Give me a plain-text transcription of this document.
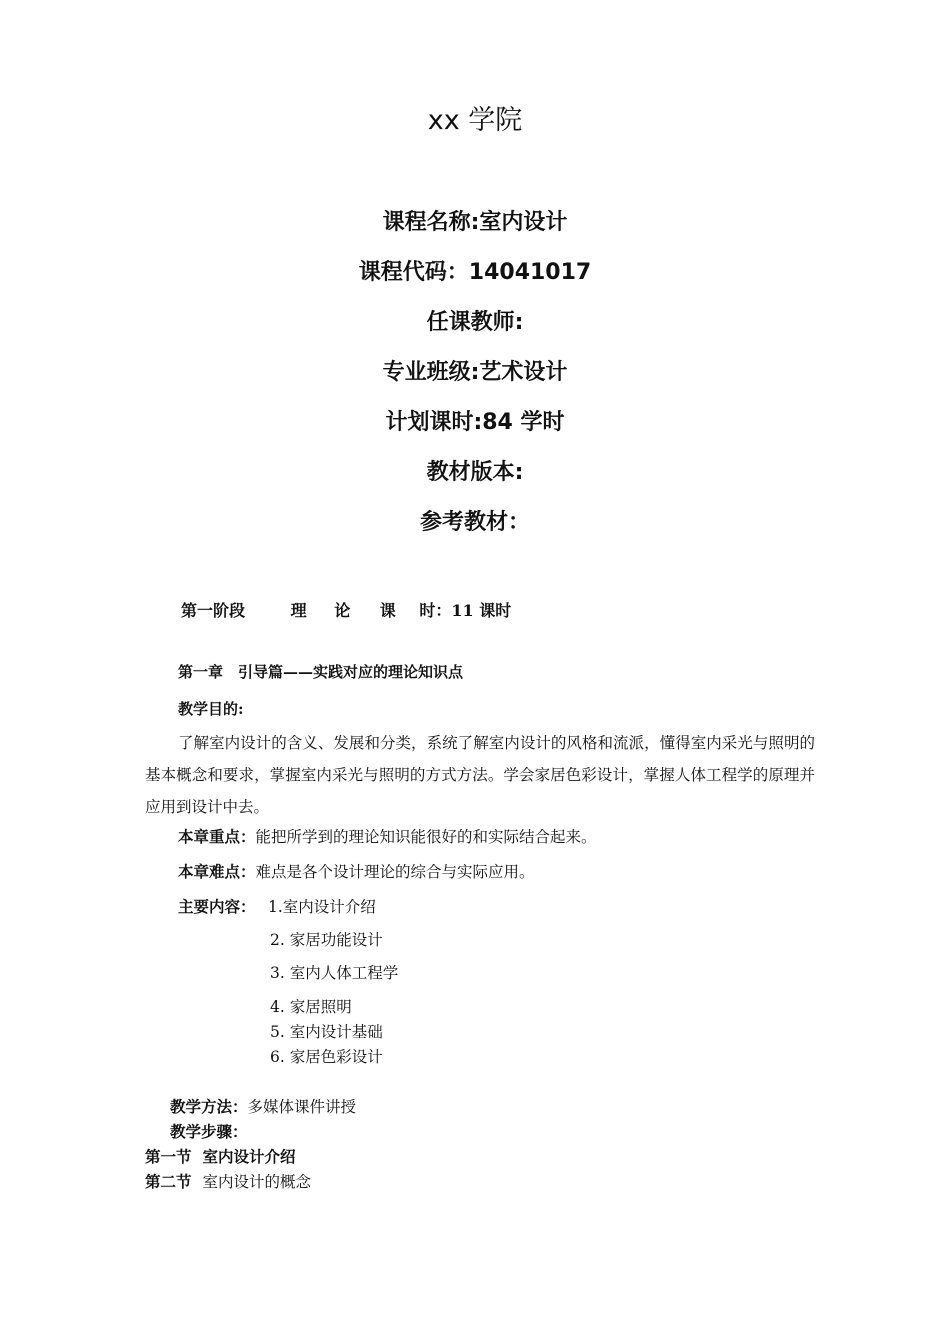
xx 学院
课程名称:室内设计
课程代码：14041017
任课教师:
专业班级:艺术设计
计划课时:84 学时
教材版本:
参考教材：
第一阶段	理 论 课 时：11 课时
第一章　引导篇——实践对应的理论知识点
教学目的:
了解室内设计的含义、发展和分类，系统了解室内设计的风格和流派，懂得室内采光与照明的基本概念和要求，掌握室内采光与照明的方式方法。学会家居色彩设计，掌握人体工程学的原理并应用到设计中去。
本章重点：能把所学到的理论知识能很好的和实际结合起来。
本章难点：难点是各个设计理论的综合与实际应用。
主要内容： 1.室内设计介绍
2. 家居功能设计
3. 室内人体工程学
4. 家居照明
5. 室内设计基础
6. 家居色彩设计
教学方法：多媒体课件讲授
教学步骤：
第一节 室内设计介绍
第二节 室内设计的概念
